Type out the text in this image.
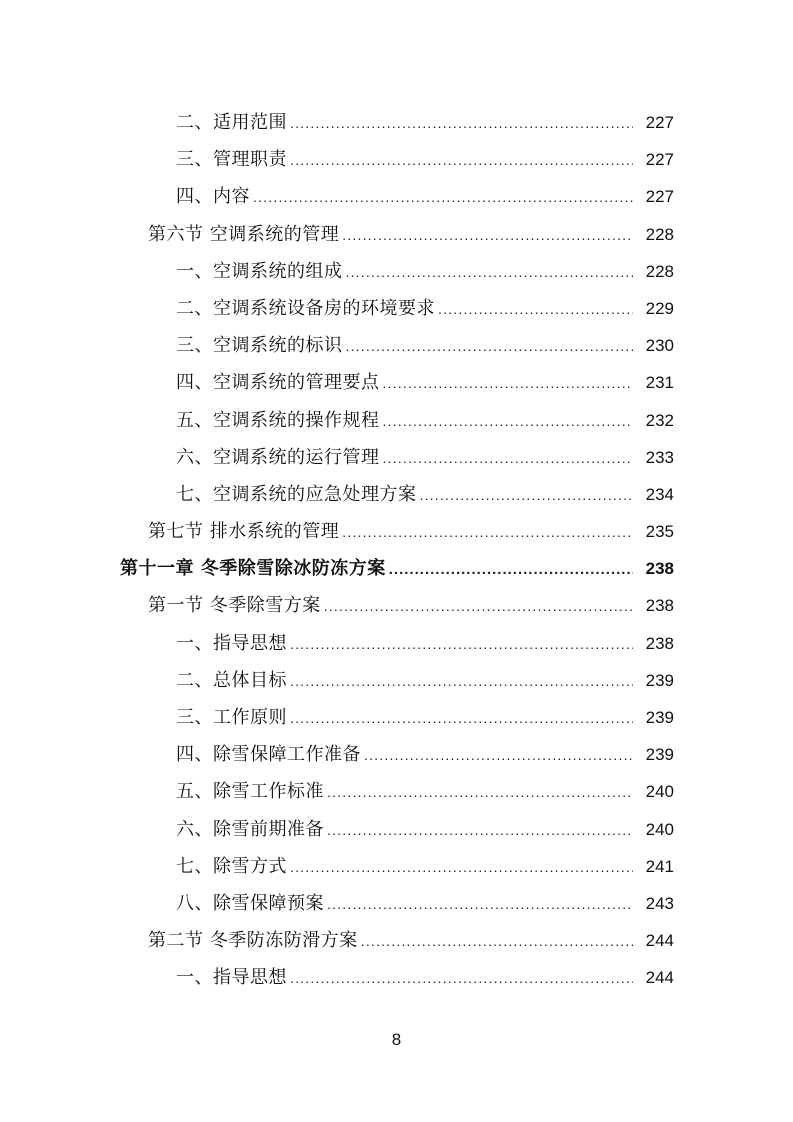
二、适用范围 .....	227
三、管理职责 .....	227
四、内容 .....	227
第六节 空调系统的管理 .....	228
一、空调系统的组成 .....	228
二、空调系统设备房的环境要求 .....	229
三、空调系统的标识 .....	230
四、空调系统的管理要点 .....	231
五、空调系统的操作规程 .....	232
六、空调系统的运行管理 .....	233
七、空调系统的应急处理方案 .....	234
第七节 排水系统的管理 .....	235
第十一章 冬季除雪除冰防冻方案 .....	238
第一节 冬季除雪方案 .....	238
一、指导思想 .....	238
二、总体目标 .....	239
三、工作原则 .....	239
四、除雪保障工作准备 .....	239
五、除雪工作标准 .....	240
六、除雪前期准备 .....	240
七、除雪方式 .....	241
八、除雪保障预案 .....	243
第二节 冬季防冻防滑方案 .....	244
一、指导思想 .....	244
8
